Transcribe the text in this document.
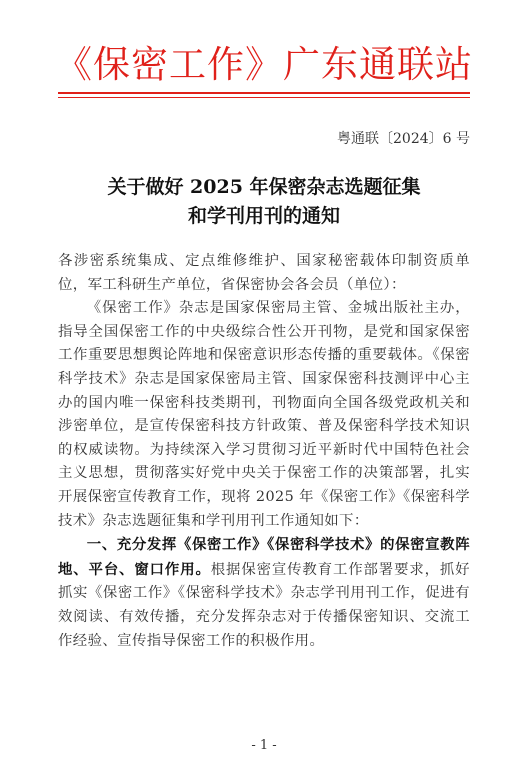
《保密工作》广东通联站
粤通联〔2024〕6 号
关于做好 2025 年保密杂志选题征集
和学刊用刊的通知

各涉密系统集成、定点维修维护、国家秘密载体印制资质单位，军工科研生产单位，省保密协会各会员（单位）：

《保密工作》杂志是国家保密局主管、金城出版社主办，指导全国保密工作的中央级综合性公开刊物，是党和国家保密工作重要思想舆论阵地和保密意识形态传播的重要载体。《保密科学技术》杂志是国家保密局主管、国家保密科技测评中心主办的国内唯一保密科技类期刊，刊物面向全国各级党政机关和涉密单位，是宣传保密科技方针政策、普及保密科学技术知识的权威读物。为持续深入学习贯彻习近平新时代中国特色社会主义思想，贯彻落实好党中央关于保密工作的决策部署，扎实开展保密宣传教育工作，现将 2025 年《保密工作》《保密科学技术》杂志选题征集和学刊用刊工作通知如下：

一、充分发挥《保密工作》《保密科学技术》的保密宣教阵地、平台、窗口作用。根据保密宣传教育工作部署要求，抓好抓实《保密工作》《保密科学技术》杂志学刊用刊工作，促进有效阅读、有效传播，充分发挥杂志对于传播保密知识、交流工作经验、宣传指导保密工作的积极作用。

- 1 -
